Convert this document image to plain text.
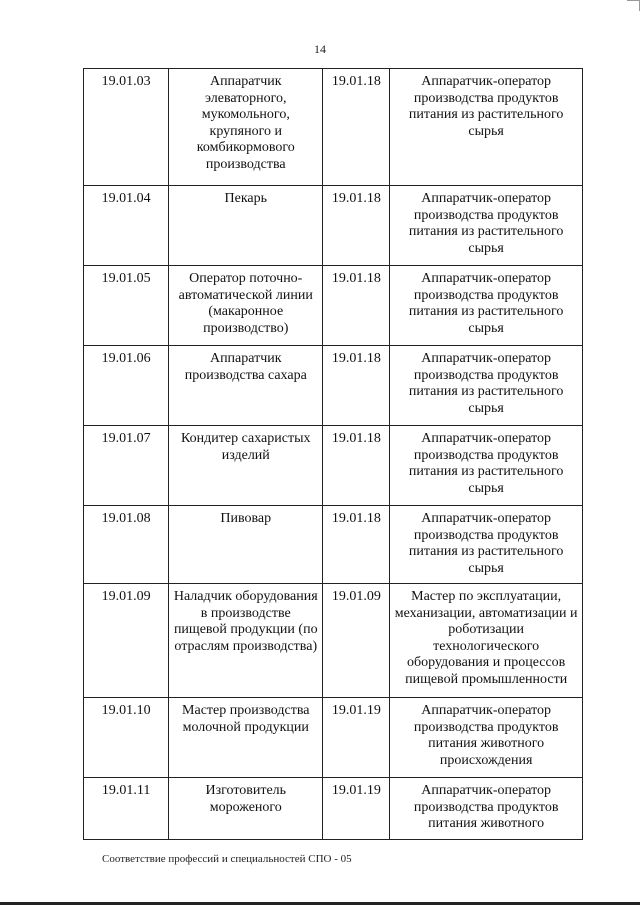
14
19.01.03	Аппаратчик элеваторного, мукомольного, крупяного и комбикормового производства	19.01.18	Аппаратчик-оператор производства продуктов питания из растительного сырья
19.01.04	Пекарь	19.01.18	Аппаратчик-оператор производства продуктов питания из растительного сырья
19.01.05	Оператор поточно-автоматической линии (макаронное производство)	19.01.18	Аппаратчик-оператор производства продуктов питания из растительного сырья
19.01.06	Аппаратчик производства сахара	19.01.18	Аппаратчик-оператор производства продуктов питания из растительного сырья
19.01.07	Кондитер сахаристых изделий	19.01.18	Аппаратчик-оператор производства продуктов питания из растительного сырья
19.01.08	Пивовар	19.01.18	Аппаратчик-оператор производства продуктов питания из растительного сырья
19.01.09	Наладчик оборудования в производстве пищевой продукции (по отраслям производства)	19.01.09	Мастер по эксплуатации, механизации, автоматизации и роботизации технологического оборудования и процессов пищевой промышленности
19.01.10	Мастер производства молочной продукции	19.01.19	Аппаратчик-оператор производства продуктов питания животного происхождения
19.01.11	Изготовитель мороженого	19.01.19	Аппаратчик-оператор производства продуктов питания животного
Соответствие профессий и специальностей СПО - 05
